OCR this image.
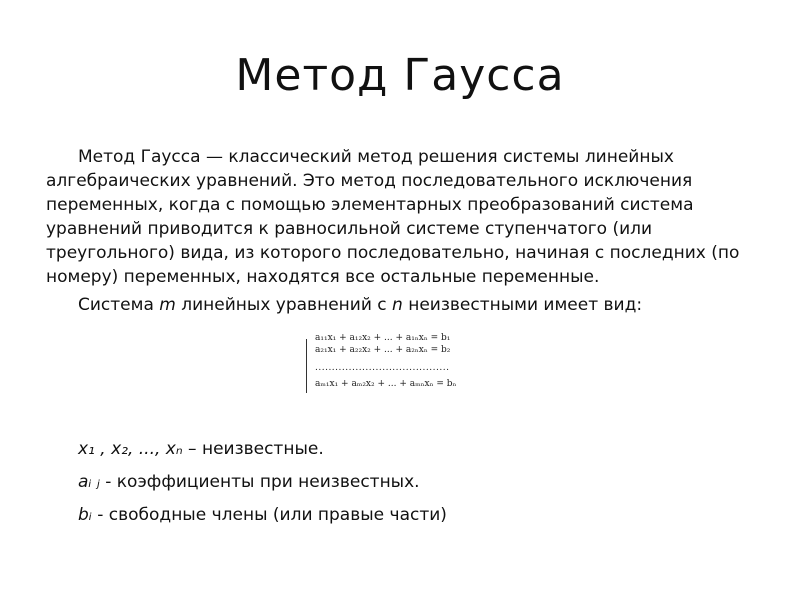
Метод Гаусса

Метод Гаусса — классический метод решения системы линейных алгебраических уравнений. Это метод последовательного исключения переменных, когда с помощью элементарных преобразований система уравнений приводится к равносильной системе ступенчатого (или треугольного) вида, из которого последовательно, начиная с последних (по номеру) переменных, находятся все остальные переменные.

Система m линейных уравнений с n неизвестными имеет вид:

a₁₁x₁ + a₁₂x₂ + ... + a₁ₙxₙ = b₁
a₂₁x₁ + a₂₂x₂ + ... + a₂ₙxₙ = b₂
........................................
aₘ₁x₁ + aₘ₂x₂ + ... + aₘₙxₙ = bₙ
x₁ , x₂, ..., xₙ – неизвестные.
aᵢ ⱼ - коэффициенты при неизвестных.
bᵢ - свободные члены (или правые части)
